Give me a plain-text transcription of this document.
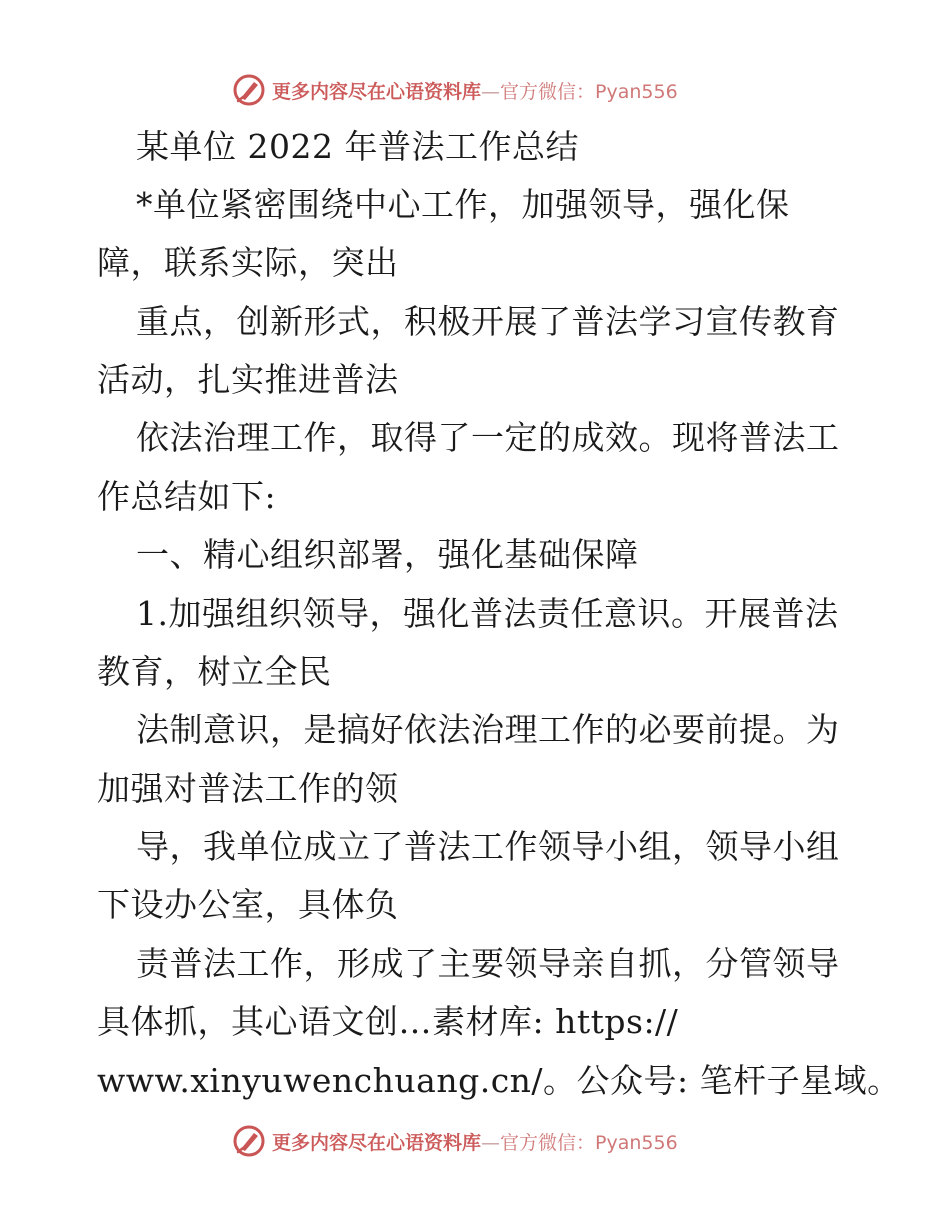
更多内容尽在心语资料库—官方微信：Pyan556
某单位 2022 年普法工作总结
*单位紧密围绕中心工作，加强领导，强化保
障，联系实际，突出
重点，创新形式，积极开展了普法学习宣传教育
活动，扎实推进普法
依法治理工作，取得了一定的成效。现将普法工
作总结如下:
一、精心组织部署，强化基础保障
1.加强组织领导，强化普法责任意识。开展普法
教育，树立全民
法制意识，是搞好依法治理工作的必要前提。为
加强对普法工作的领
导，我单位成立了普法工作领导小组，领导小组
下设办公室，具体负
责普法工作，形成了主要领导亲自抓，分管领导
具体抓，其心语文创…素材库: https://
www.xinyuwenchuang.cn/。公众号: 笔杆子星域。
更多内容尽在心语资料库—官方微信：Pyan556
